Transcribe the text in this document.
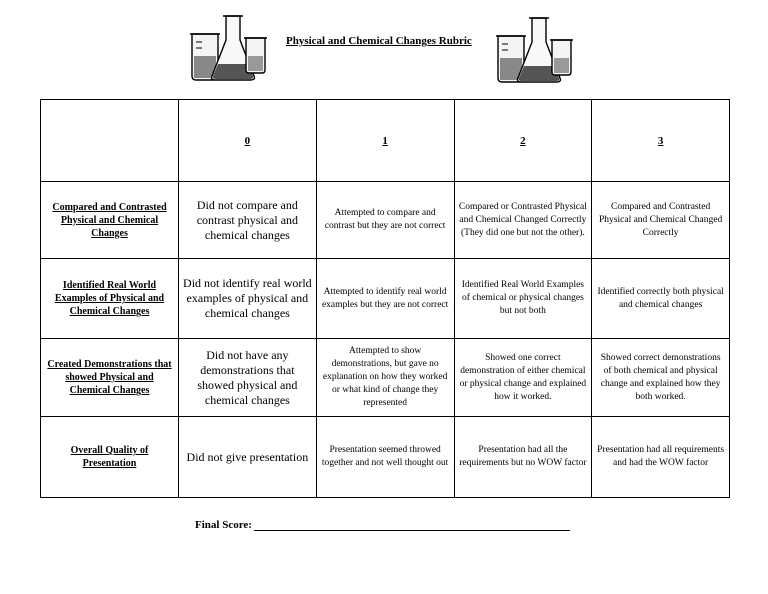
Physical and Chemical Changes Rubric
	0	1	2	3
Compared and Contrasted Physical and Chemical Changes	Did not compare and contrast physical and chemical changes	Attempted to compare and contrast but they are not correct	Compared or Contrasted Physical and Chemical Changed Correctly (They did one but not the other).	Compared and Contrasted Physical and Chemical Changed Correctly
Identified Real World Examples of Physical and Chemical Changes	Did not identify real world examples of physical and chemical changes	Attempted to identify real world examples but they are not correct	Identified Real World Examples of chemical or physical changes but not both	Identified correctly both physical and chemical changes
Created Demonstrations that showed Physical and Chemical Changes	Did not have any demonstrations that showed physical and chemical changes	Attempted to show demonstrations, but gave no explanation on how they worked or what kind of change they represented	Showed one correct demonstration of either chemical or physical change and explained how it worked.	Showed correct demonstrations of both chemical and physical change and explained how they both worked.
Overall Quality of Presentation	Did not give presentation	Presentation seemed throwed together and not well thought out	Presentation had all the requirements but no WOW factor	Presentation had all requirements and had the WOW factor
Final Score:
